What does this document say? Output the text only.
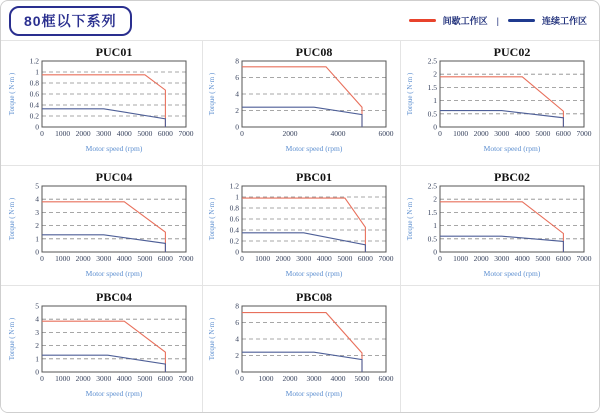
80框以下系列	间歇工作区 |	连续工作区
PUC01
0
0.2
0.4
0.6
0.8
1
1.2
0 1000 2000 3000 4000 5000 6000 7000
Motor speed (rpm)
Torque ( N·m )
PUC08
0
2
4
6
8
0	2000	4000	6000
Motor speed (rpm)
Torque ( N·m )
PUC02
0
0.5
1
1.5
2
2.5
0 1000 2000 3000 4000 5000 6000 7000
Motor speed (rpm)
Torque ( N·m )
PUC04
0
1
2
3
4
5
0 1000 2000 3000 4000 5000 6000 7000
Motor speed (rpm)
Torque ( N·m )
PBC01
0
0.2
0.4
0.6
0.8
1
1.2
0 1000 2000 3000 4000 5000 6000 7000
Motor speed (rpm)
Torque ( N·m )
PBC02
0
0.5
1
1.5
2
2.5
0 1000 2000 3000 4000 5000 6000 7000
Motor speed (rpm)
Torque ( N·m )
PBC04
0
1
2
3
4
5
0 1000 2000 3000 4000 5000 6000 7000
Motor speed (rpm)
Torque ( N·m )
PBC08
0
2
4
6
8
0 1000 2000 3000 4000 5000 6000
Motor speed (rpm)
Torque ( N·m )
